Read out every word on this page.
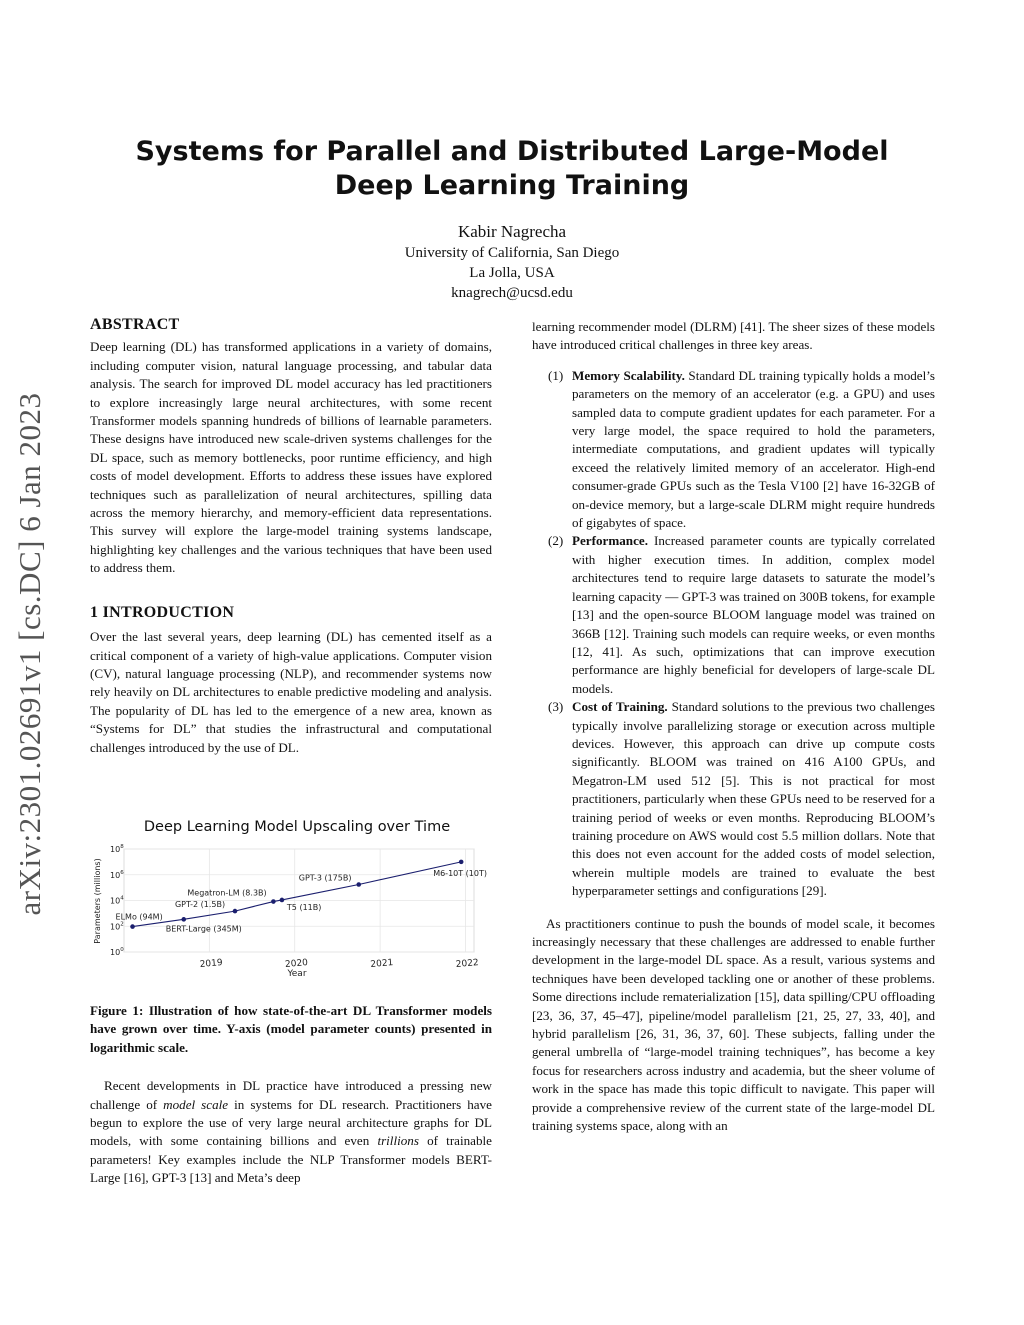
arXiv:2301.02691v1 [cs.DC] 6 Jan 2023
Systems for Parallel and Distributed Large-Model Deep Learning Training
Kabir Nagrecha
University of California, San Diego
La Jolla, USA
knagrech@ucsd.edu
ABSTRACT

Deep learning (DL) has transformed applications in a variety of domains, including computer vision, natural language processing, and tabular data analysis. The search for improved DL model accuracy has led practitioners to explore increasingly large neural architectures, with some recent Transformer models spanning hundreds of billions of learnable parameters. These designs have introduced new scale-driven systems challenges for the DL space, such as memory bottlenecks, poor runtime efficiency, and high costs of model development. Efforts to address these issues have explored techniques such as parallelization of neural architectures, spilling data across the memory hierarchy, and memory-efficient data representations. This survey will explore the large-model training systems landscape, highlighting key challenges and the various techniques that have been used to address them.

1 INTRODUCTION

Over the last several years, deep learning (DL) has cemented itself as a critical component of a variety of high-value applications. Computer vision (CV), natural language processing (NLP), and recommender systems now rely heavily on DL architectures to enable predictive modeling and analysis. The popularity of DL has led to the emergence of a new area, known as “Systems for DL” that studies the infrastructural and computational challenges introduced by the use of DL.

Deep Learning Model Upscaling over Time
Parameters (millions)
Year
$10^0$
$10^2$
$10^4$
$10^6$
$10^8$
2019	2020	2021	2022
ELMo (94M)
BERT-Large (345M)
GPT-2 (1.5B)
Megatron-LM (8.3B)
T5 (11B)
GPT-3 (175B)
M6-10T (10T)

Figure 1: Illustration of how state-of-the-art DL Transformer models have grown over time. Y-axis (model parameter counts) presented in logarithmic scale.

Recent developments in DL practice have introduced a pressing new challenge of model scale in systems for DL research. Practitioners have begun to explore the use of very large neural architecture graphs for DL models, with some containing billions and even trillions of trainable parameters! Key examples include the NLP Transformer models BERT-Large [16], GPT-3 [13] and Meta’s deep

learning recommender model (DLRM) [41]. The sheer sizes of these models have introduced critical challenges in three key areas.

(1) Memory Scalability. Standard DL training typically holds a model’s parameters on the memory of an accelerator (e.g. a GPU) and uses sampled data to compute gradient updates for each parameter. For a very large model, the space required to hold the parameters, intermediate computations, and gradient updates will typically exceed the relatively limited memory of an accelerator. High-end consumer-grade GPUs such as the Tesla V100 [2] have 16-32GB of on-device memory, but a large-scale DLRM might require hundreds of gigabytes of space.
(2) Performance. Increased parameter counts are typically correlated with higher execution times. In addition, complex model architectures tend to require large datasets to saturate the model’s learning capacity — GPT-3 was trained on 300B tokens, for example [13] and the open-source BLOOM language model was trained on 366B [12]. Training such models can require weeks, or even months [12, 41]. As such, optimizations that can improve execution performance are highly beneficial for developers of large-scale DL models.
(3) Cost of Training. Standard solutions to the previous two challenges typically involve parallelizing storage or execution across multiple devices. However, this approach can drive up compute costs significantly. BLOOM was trained on 416 A100 GPUs, and Megatron-LM used 512 [5]. This is not practical for most practitioners, particularly when these GPUs need to be reserved for a training period of weeks or even months. Reproducing BLOOM’s training procedure on AWS would cost 5.5 million dollars. Note that this does not even account for the added costs of model selection, wherein multiple models are trained to evaluate the best hyperparameter settings and configurations [29].

As practitioners continue to push the bounds of model scale, it becomes increasingly necessary that these challenges are addressed to enable further development in the large-model DL space. As a result, various systems and techniques have been developed tackling one or another of these problems. Some directions include rematerialization [15], data spilling/CPU offloading [23, 36, 37, 45–47], pipeline/model parallelism [21, 25, 27, 33, 40], and hybrid parallelism [26, 31, 36, 37, 60]. These subjects, falling under the general umbrella of “large-model training techniques”, has become a key focus for researchers across industry and academia, but the sheer volume of work in the space has made this topic difficult to navigate. This paper will provide a comprehensive review of the current state of the large-model DL training systems space, along with an
